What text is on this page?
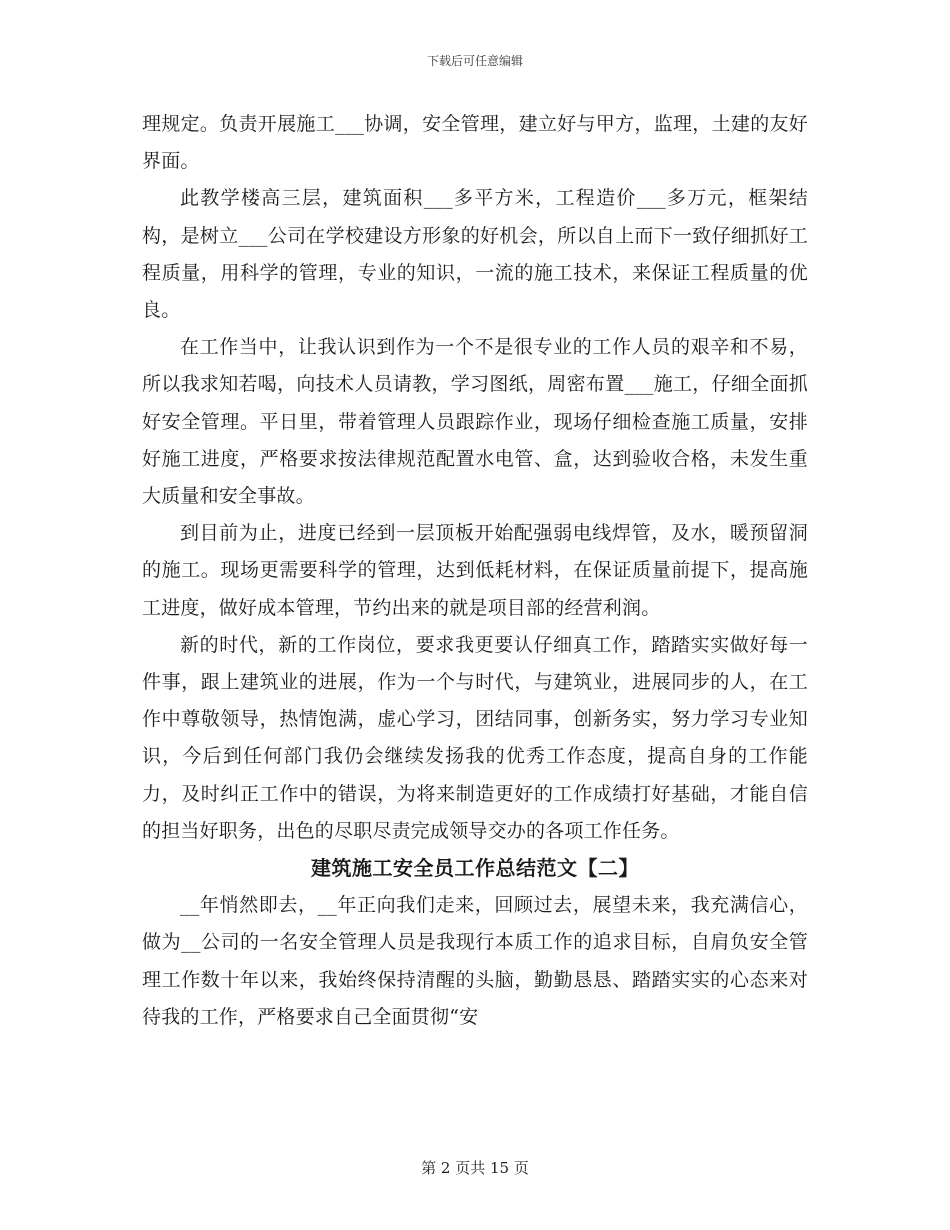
下载后可任意编辑

理规定。负责开展施工___协调，安全管理，建立好与甲方，监理，土建的友好界面。

此教学楼高三层，建筑面积___多平方米，工程造价___多万元，框架结构，是树立___公司在学校建设方形象的好机会，所以自上而下一致仔细抓好工程质量，用科学的管理，专业的知识，一流的施工技术，来保证工程质量的优良。

在工作当中，让我认识到作为一个不是很专业的工作人员的艰辛和不易，所以我求知若喝，向技术人员请教，学习图纸，周密布置___施工，仔细全面抓好安全管理。平日里，带着管理人员跟踪作业，现场仔细检查施工质量，安排好施工进度，严格要求按法律规范配置水电管、盒，达到验收合格，未发生重大质量和安全事故。

到目前为止，进度已经到一层顶板开始配强弱电线焊管，及水，暖预留洞的施工。现场更需要科学的管理，达到低耗材料，在保证质量前提下，提高施工进度，做好成本管理，节约出来的就是项目部的经营利润。

新的时代，新的工作岗位，要求我更要认仔细真工作，踏踏实实做好每一件事，跟上建筑业的进展，作为一个与时代，与建筑业，进展同步的人，在工作中尊敬领导，热情饱满，虚心学习，团结同事，创新务实，努力学习专业知识，今后到任何部门我仍会继续发扬我的优秀工作态度，提高自身的工作能力，及时纠正工作中的错误，为将来制造更好的工作成绩打好基础，才能自信的担当好职务，出色的尽职尽责完成领导交办的各项工作任务。

建筑施工安全员工作总结范文【二】

__年悄然即去，__年正向我们走来，回顾过去，展望未来，我充满信心，做为__公司的一名安全管理人员是我现行本质工作的追求目标，自肩负安全管理工作数十年以来，我始终保持清醒的头脑，勤勤恳恳、踏踏实实的心态来对待我的工作，严格要求自己全面贯彻“安

第 2 页共 15 页
